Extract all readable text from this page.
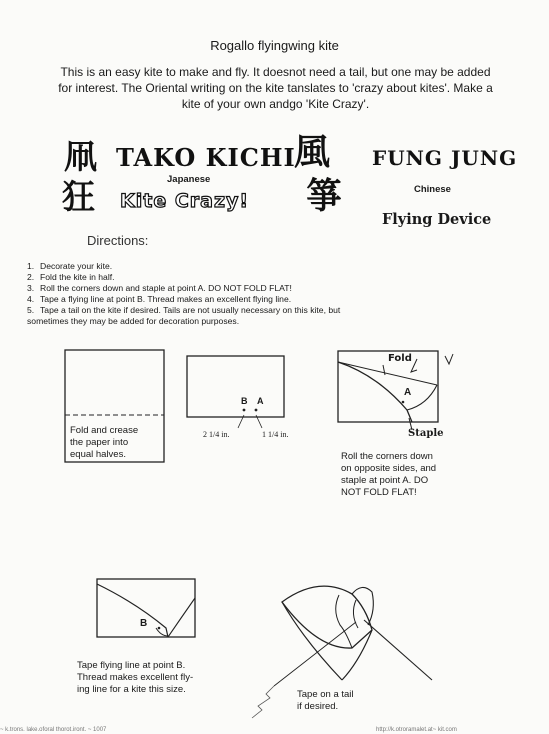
Rogallo flyingwing kite
This is an easy kite to make and fly. It doesnot need a tail, but one may be added
for interest. The Oriental writing on the kite tanslates to 'crazy about kites'. Make a
kite of your own andgo 'Kite Crazy'.
凧
狂
TAKO KICHI
Japanese
Kite Crazy!
風
箏
FUNG JUNG
Chinese
Flying Device
Directions:
1. Decorate your kite.
2. Fold the kite in half.
3. Roll the corners down and staple at point A. DO NOT FOLD FLAT!
4. Tape a flying line at point B. Thread makes an excellent flying line.
5. Tape a tail on the kite if desired. Tails are not usually necessary on this kite, but
sometimes they may be added for decoration purposes.
Fold and crease
the paper into
equal halves.
B A
2 1/4 in.	1 1/4 in.
Fold
A
Staple
Roll the corners down
on opposite sides, and
staple at point A. DO
NOT FOLD FLAT!
B
Tape flying line at point B.
Thread makes excellent fly-
ing line for a kite this size.	Tape on a tail
if desired.
~ k.trons. lake.oforal thorot.iront. ~ 1007	http://k.otroramalet.at~ kit.com
